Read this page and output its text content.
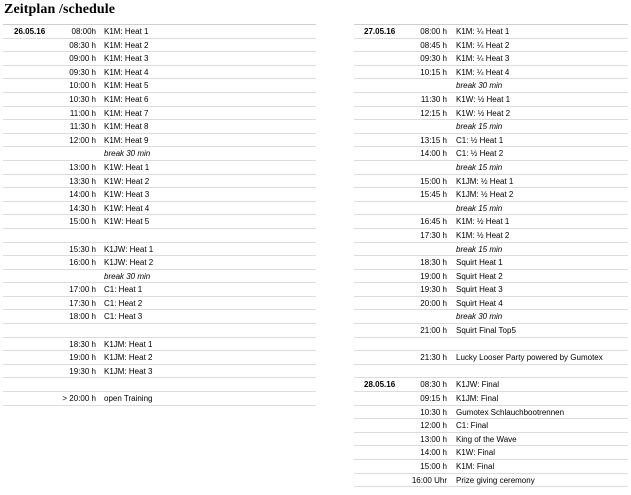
Zeitplan /schedule
26.05.16	08:00h K1M: Heat 1
08:30 h K1M: Heat 2
09:00 h K1M: Heat 3
09:30 h K1M: Heat 4
10:00 h K1M: Heat 5
10:30 h K1M: Heat 6
11:00 h K1M: Heat 7
11:30 h K1M: Heat 8
12:00 h K1M: Heat 9
break 30 min
13:00 h K1W: Heat 1
13:30 h K1W: Heat 2
14:00 h K1W: Heat 3
14:30 h K1W: Heat 4
15:00 h K1W: Heat 5
15:30 h K1JW: Heat 1
16:00 h K1JW: Heat 2
break 30 min
17:00 h C1: Heat 1
17:30 h C1: Heat 2
18:00 h C1: Heat 3
18:30 h K1JM: Heat 1
19:00 h K1JM: Heat 2
19:30 h K1JM: Heat 3
> 20:00 h open Training
27.05.16	08:00 h K1M: ¼ Heat 1
08:45 h K1M: ¼ Heat 2
09:30 h K1M: ¼ Heat 3
10:15 h K1M: ¼ Heat 4
break 30 min
11:30 h K1W: ½ Heat 1
12:15 h K1W: ½ Heat 2
break 15 min
13:15 h C1: ½ Heat 1
14:00 h C1: ½ Heat 2
break 15 min
15:00 h K1JM: ½ Heat 1
15:45 h K1JM: ½ Heat 2
break 15 min
16:45 h K1M: ½ Heat 1
17:30 h K1M: ½ Heat 2
break 15 min
18:30 h Squirt Heat 1
19:00 h Squirt Heat 2
19:30 h Squirt Heat 3
20:00 h Squirt Heat 4
break 30 min
21:00 h Squirt Final Top5
21:30 h Lucky Looser Party powered by Gumotex
28.05.16	08:30 h K1JW: Final
09:15 h K1JM: Final
10:30 h Gumotex Schlauchbootrennen
12:00 h C1: Final
13:00 h King of the Wave
14:00 h K1W: Final
15:00 h K1M: Final
16:00 Uhr Prize giving ceremony
